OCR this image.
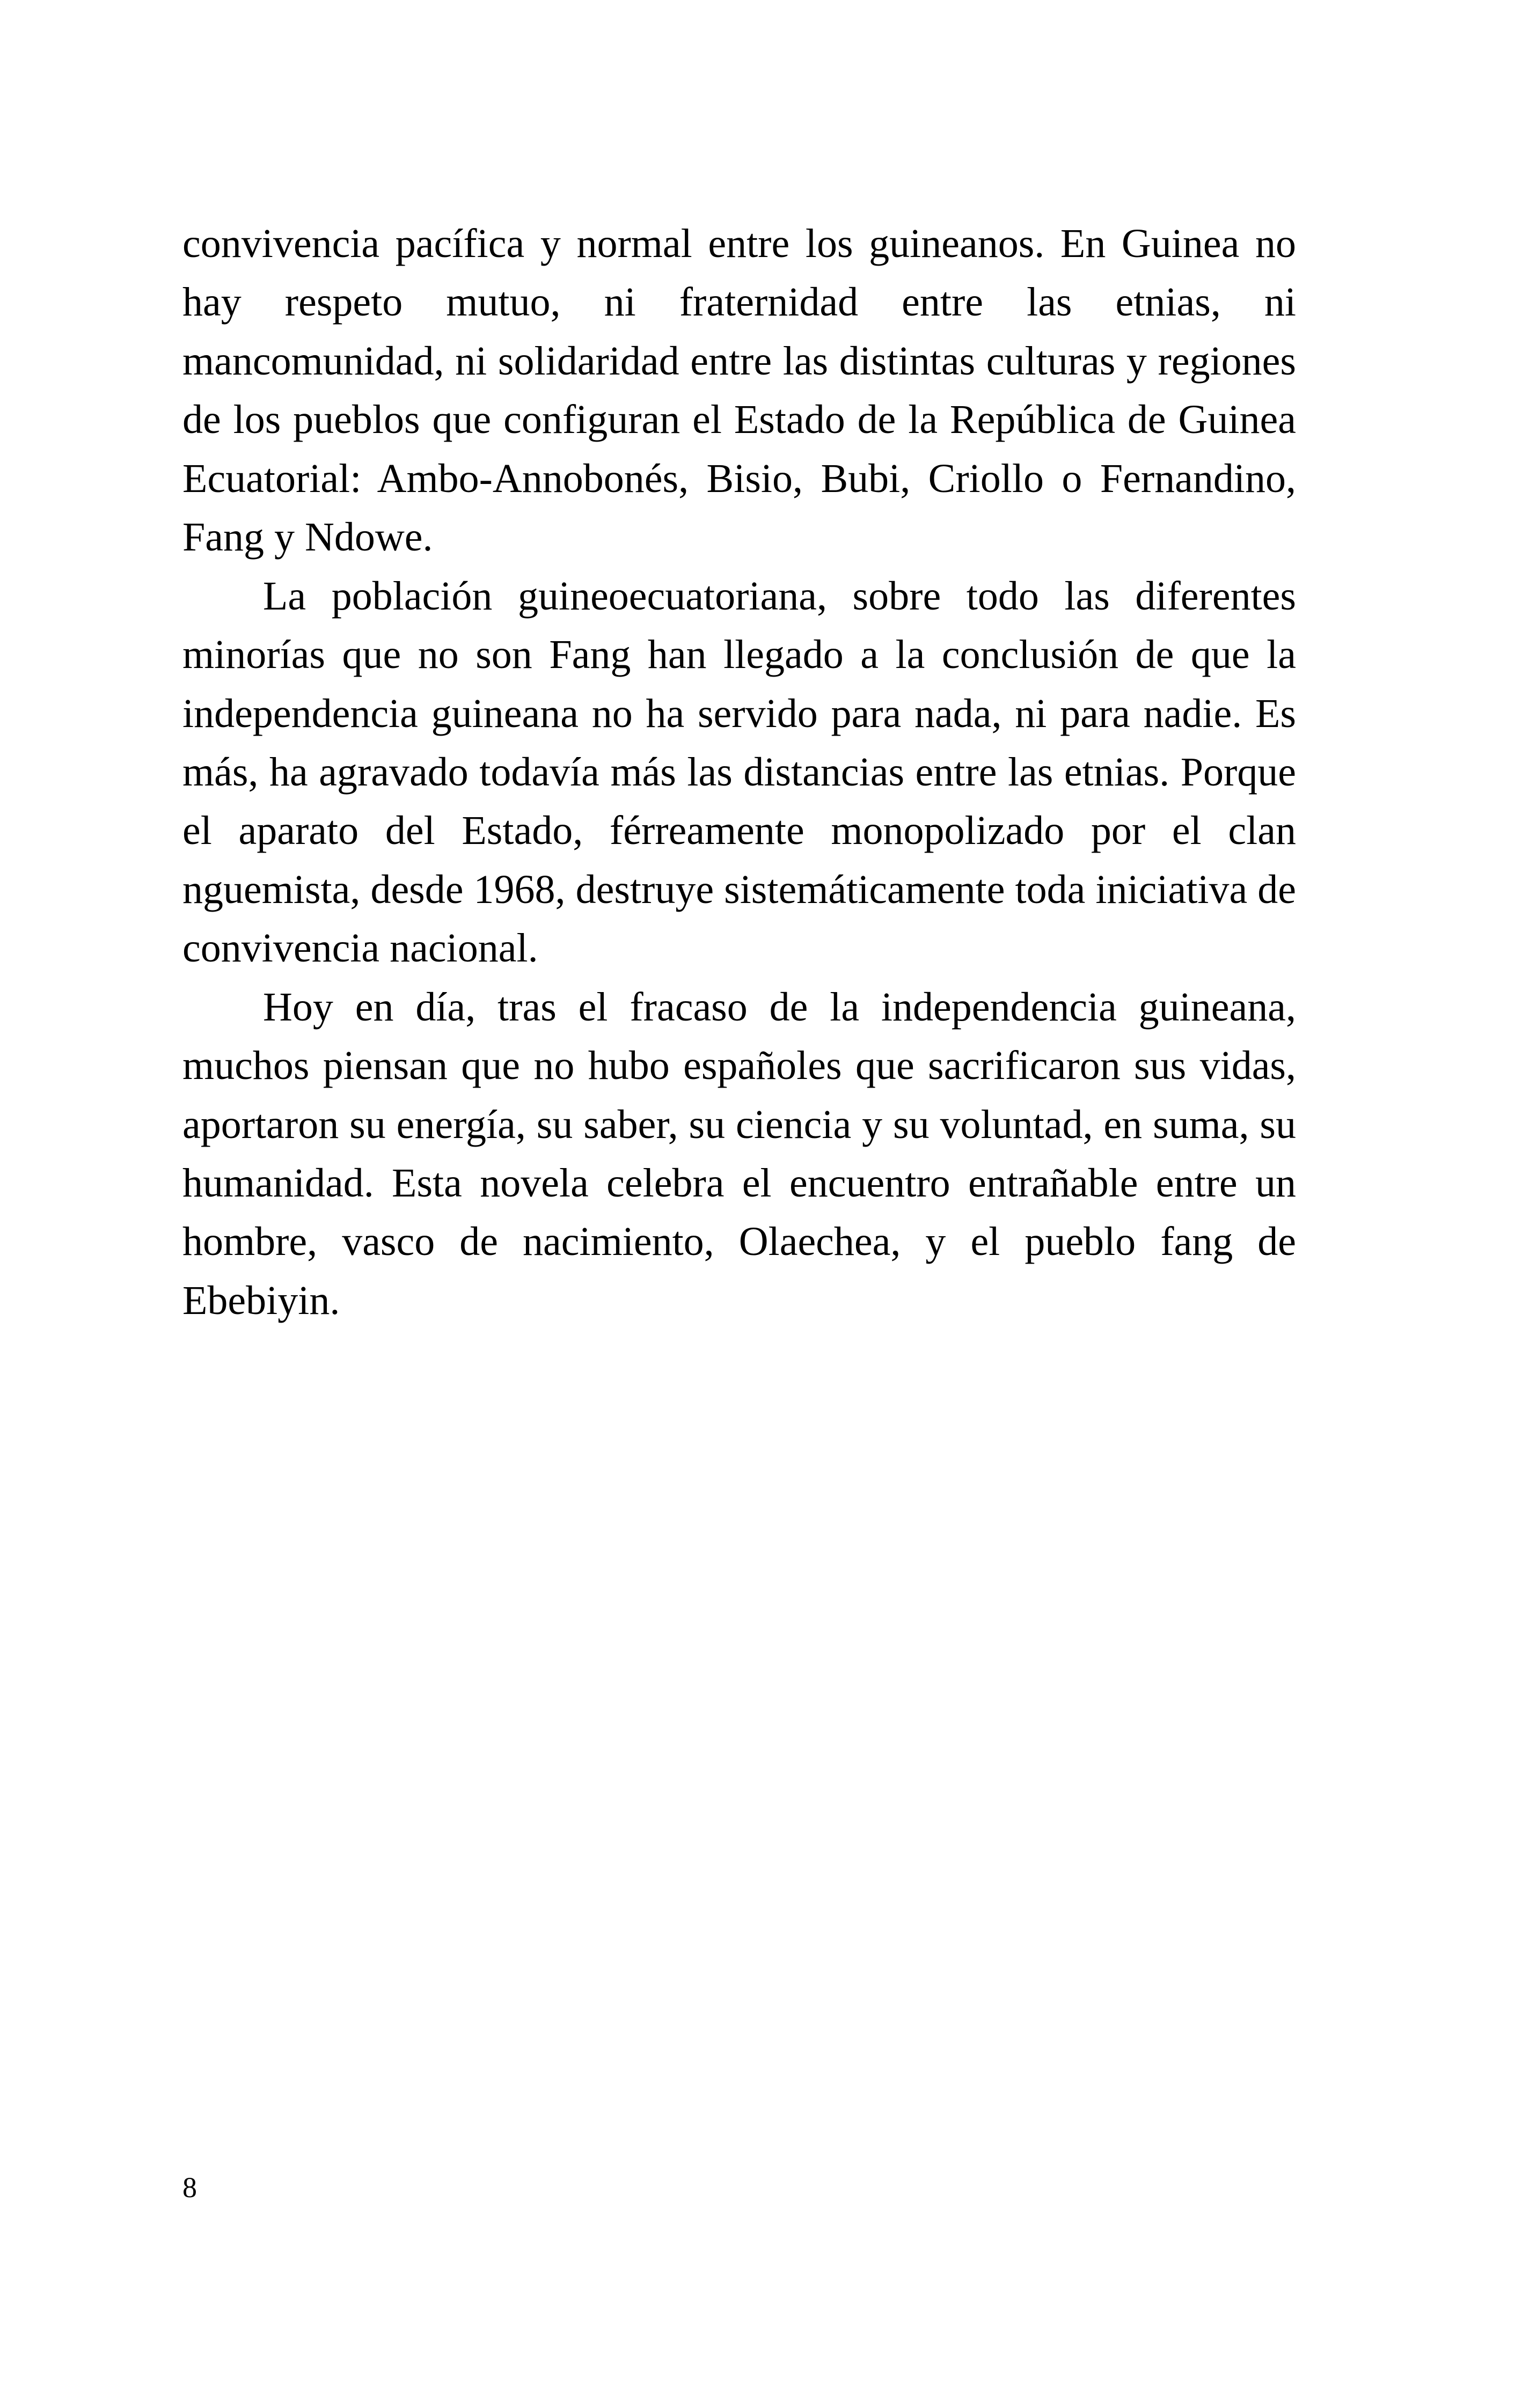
convivencia pacífica y normal entre los guineanos. En Guinea no hay respeto mutuo, ni fraternidad entre las etnias, ni mancomunidad, ni solidaridad entre las distintas culturas y regiones de los pueblos que configuran el Estado de la República de Guinea Ecuatorial: Ambo-Annobonés, Bisio, Bubi, Criollo o Fernandino, Fang y Ndowe.

La población guineoecuatoriana, sobre todo las diferentes minorías que no son Fang han llegado a la conclusión de que la independencia guineana no ha servido para nada, ni para nadie. Es más, ha agravado todavía más las distancias entre las etnias. Porque el aparato del Estado, férreamente monopolizado por el clan nguemista, desde 1968, destruye sistemáticamente toda iniciativa de convivencia nacional.

Hoy en día, tras el fracaso de la independencia guineana, muchos piensan que no hubo españoles que sacrificaron sus vidas, aportaron su energía, su saber, su ciencia y su voluntad, en suma, su humanidad. Esta novela celebra el encuentro entrañable entre un hombre, vasco de nacimiento, Olaechea, y el pueblo fang de Ebebiyin.

8
